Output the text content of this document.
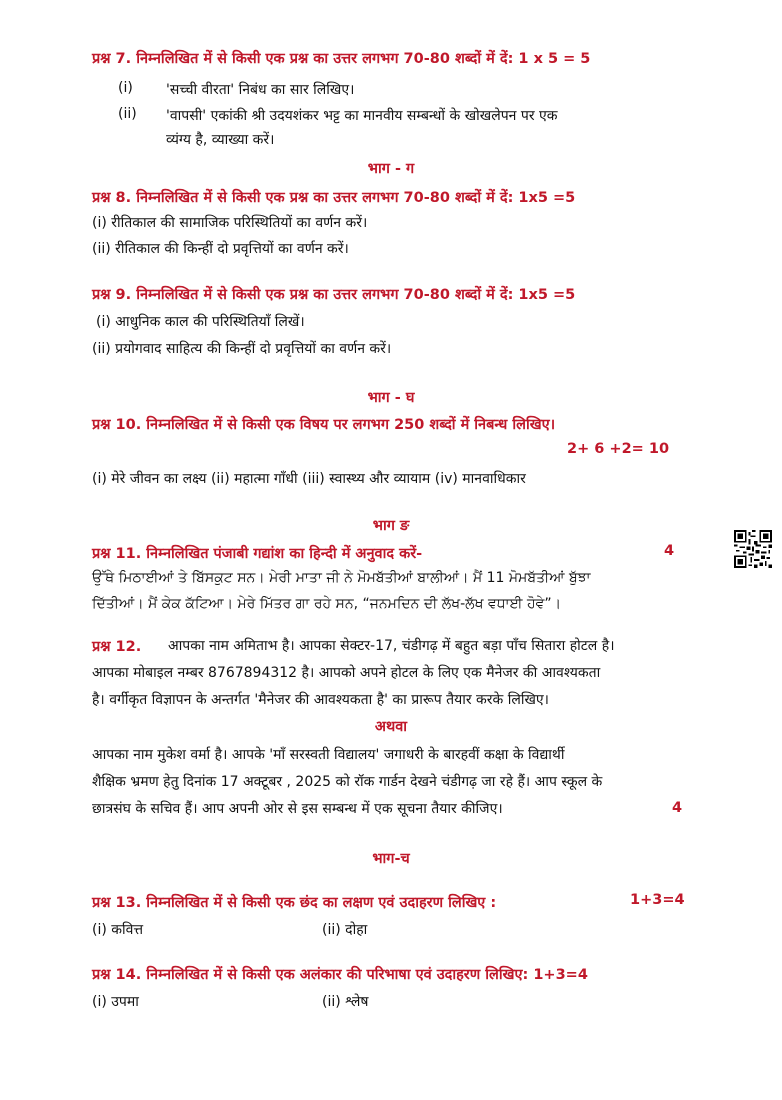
प्रश्न 7. निम्नलिखित में से किसी एक प्रश्न का उत्तर लगभग 70-80 शब्दों में दें: 1 x 5 = 5

(i) 'सच्ची वीरता' निबंध का सार लिखिए।

(ii) 'वापसी' एकांकी श्री उदयशंकर भट्ट का मानवीय सम्बन्धों के खोखलेपन पर एक

व्यंग्य है, व्याख्या करें।

भाग - ग

प्रश्न 8. निम्नलिखित में से किसी एक प्रश्न का उत्तर लगभग 70-80 शब्दों में दें: 1x5 =5

(i) रीतिकाल की सामाजिक परिस्थितियों का वर्णन करें।

(ii) रीतिकाल की किन्हीं दो प्रवृत्तियों का वर्णन करें।

प्रश्न 9. निम्नलिखित में से किसी एक प्रश्न का उत्तर लगभग 70-80 शब्दों में दें: 1x5 =5

(i) आधुनिक काल की परिस्थितियाँ लिखें।

(ii) प्रयोगवाद साहित्य की किन्हीं दो प्रवृत्तियों का वर्णन करें।

भाग - घ

प्रश्न 10. निम्नलिखित में से किसी एक विषय पर लगभग 250 शब्दों में निबन्ध लिखिए।

2+ 6 +2= 10

(i) मेरे जीवन का लक्ष्य (ii) महात्मा गाँधी (iii) स्वास्थ्य और व्यायाम (iv) मानवाधिकार

भाग ङ

प्रश्न 11. निम्नलिखित पंजाबी गद्यांश का हिन्दी में अनुवाद करें-	4

ਉੱਥੇ ਮਿਠਾਈਆਂ ਤੇ ਬਿੱਸਕੁਟ ਸਨ। ਮੇਰੀ ਮਾਤਾ ਜੀ ਨੇ ਮੋਮਬੱਤੀਆਂ ਬਾਲੀਆਂ। ਮੈਂ 11 ਮੋਮਬੱਤੀਆਂ ਬੁੱਝਾ

ਦਿੱਤੀਆਂ। ਮੈਂ ਕੇਕ ਕੱਟਿਆ। ਮੇਰੇ ਮਿੱਤਰ ਗਾ ਰਹੇ ਸਨ, “ਜਨਮਦਿਨ ਦੀ ਲੱਖ-ਲੱਖ ਵਧਾਈ ਹੋਵੇ”।

प्रश्न 12. आपका नाम अमिताभ है। आपका सेक्टर-17, चंडीगढ़ में बहुत बड़ा पाँच सितारा होटल है।

आपका मोबाइल नम्बर 8767894312 है। आपको अपने होटल के लिए एक मैनेजर की आवश्यकता

है। वर्गीकृत विज्ञापन के अन्तर्गत 'मैनेजर की आवश्यकता है' का प्रारूप तैयार करके लिखिए।

अथवा

आपका नाम मुकेश वर्मा है। आपके 'माँ सरस्वती विद्यालय' जगाधरी के बारहवीं कक्षा के विद्यार्थी

शैक्षिक भ्रमण हेतु दिनांक 17 अक्टूबर , 2025 को रॉक गार्डन देखने चंडीगढ़ जा रहे हैं। आप स्कूल के

छात्रसंघ के सचिव हैं। आप अपनी ओर से इस सम्बन्ध में एक सूचना तैयार कीजिए।	4

भाग-च

प्रश्न 13. निम्नलिखित में से किसी एक छंद का लक्षण एवं उदाहरण लिखिए :	1+3=4

(i) कवित्त	(ii) दोहा

प्रश्न 14. निम्नलिखित में से किसी एक अलंकार की परिभाषा एवं उदाहरण लिखिए: 1+3=4

(i) उपमा	(ii) श्लेष
